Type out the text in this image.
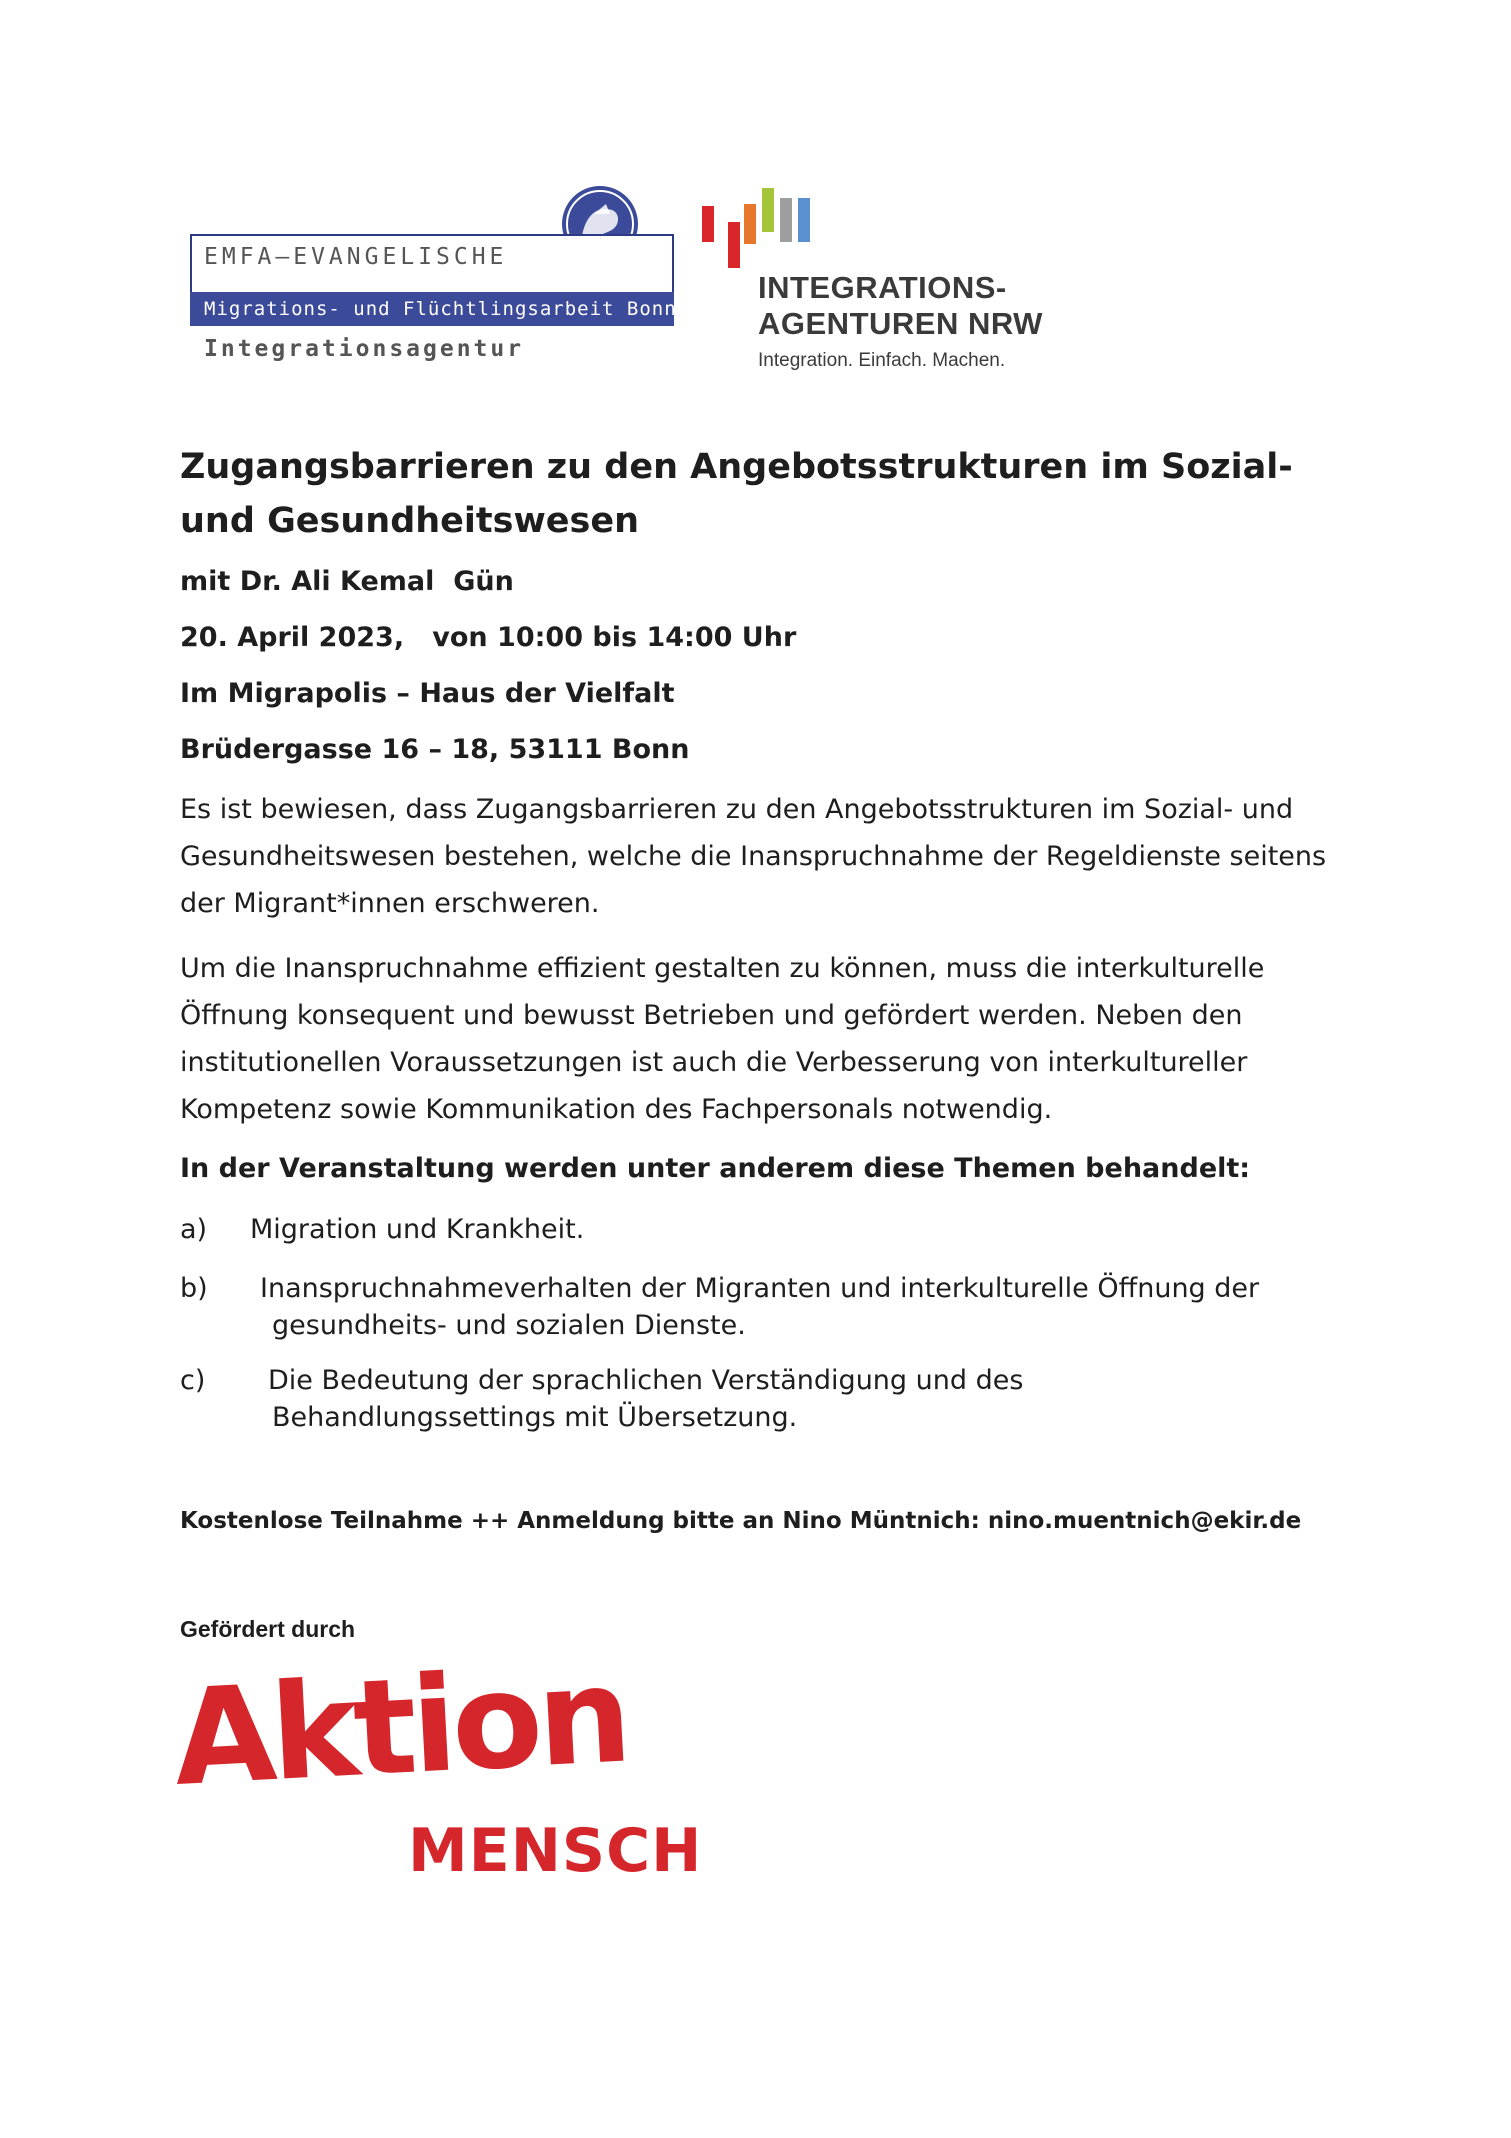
EMFA–EVANGELISCHE
Migrations- und Flüchtlingsarbeit Bonn
Integrationsagentur
INTEGRATIONS-
AGENTUREN NRW
Integration. Einfach. Machen.
Zugangsbarrieren zu den Angebotsstrukturen im Sozial- und Gesundheitswesen
mit Dr. Ali Kemal  Gün
20. April 2023,   von 10:00 bis 14:00 Uhr
Im Migrapolis – Haus der Vielfalt
Brüdergasse 16 – 18, 53111 Bonn
Es ist bewiesen, dass Zugangsbarrieren zu den Angebotsstrukturen im Sozial- und Gesundheitswesen bestehen, welche die Inanspruchnahme der Regeldienste seitens der Migrant*innen erschweren.
Um die Inanspruchnahme effizient gestalten zu können, muss die interkulturelle Öffnung konsequent und bewusst Betrieben und gefördert werden. Neben den institutionellen Voraussetzungen ist auch die Verbesserung von interkultureller Kompetenz sowie Kommunikation des Fachpersonals notwendig.
In der Veranstaltung werden unter anderem diese Themen behandelt:
a) Migration und Krankheit.
b) Inanspruchnahmeverhalten der Migranten und interkulturelle Öffnung der
gesundheits- und sozialen Dienste.
c) Die Bedeutung der sprachlichen Verständigung und des
Behandlungssettings mit Übersetzung.
Kostenlose Teilnahme ++ Anmeldung bitte an Nino Müntnich: nino.muentnich@ekir.de
Gefördert durch
Aktion
MENSCH
